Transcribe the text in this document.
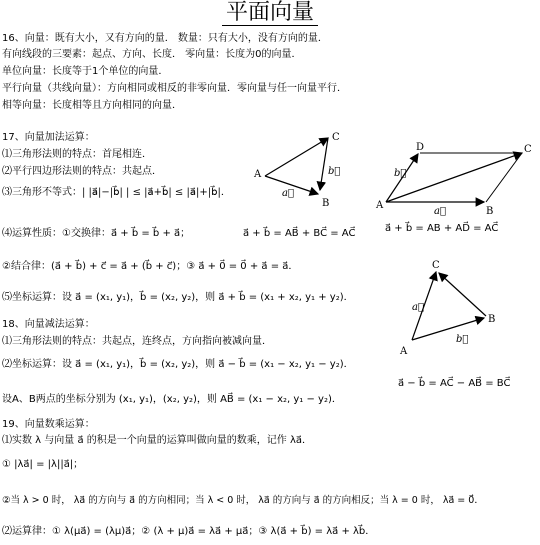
平面向量
16、向量：既有大小，又有方向的量． 数量：只有大小，没有方向的量．
有向线段的三要素：起点、方向、长度． 零向量：长度为0的向量．
单位向量：长度等于1个单位的向量．
平行向量（共线向量）：方向相同或相反的非零向量．零向量与任一向量平行．
相等向量：长度相等且方向相同的向量．
17、向量加法运算：
⑴三角形法则的特点：首尾相连．
⑵平行四边形法则的特点：共起点．
⑶三角形不等式：| |a⃗|−|b⃗| | ≤ |a⃗+b⃗| ≤ |a⃗|+|b⃗|．
⑷运算性质：①交换律：a⃗ + b⃗ = b⃗ + a⃗；	a⃗ + b⃗ = AB⃗ + BC⃗ = AC⃗	a⃗ + b⃗ = AB + AD⃗ = AC⃗
②结合律：(a⃗ + b⃗) + c⃗ = a⃗ + (b⃗ + c⃗)；③ a⃗ + 0⃗ = 0⃗ + a⃗ = a⃗．
⑸坐标运算：设 a⃗ = (x₁, y₁)，b⃗ = (x₂, y₂)，则 a⃗ + b⃗ = (x₁ + x₂, y₁ + y₂)．
18、向量减法运算：
⑴三角形法则的特点：共起点，连终点，方向指向被减向量．
⑵坐标运算：设 a⃗ = (x₁, y₁)，b⃗ = (x₂, y₂)，则 a⃗ − b⃗ = (x₁ − x₂, y₁ − y₂)．
设Α、Β两点的坐标分别为 (x₁, y₁)，(x₂, y₂)，则 AB⃗ = (x₁ − x₂, y₁ − y₂)．
a⃗ − b⃗ = AC⃗ − AB⃗ = BC⃗
19、向量数乘运算：
⑴实数 λ 与向量 a⃗ 的积是一个向量的运算叫做向量的数乘，记作 λa⃗．
① |λa⃗| = |λ||a⃗|；
②当 λ > 0 时， λa⃗ 的方向与 a⃗ 的方向相同；当 λ < 0 时， λa⃗ 的方向与 a⃗ 的方向相反；当 λ = 0 时， λa⃗ = 0⃗．
⑵运算律：① λ(μa⃗) = (λμ)a⃗；② (λ + μ)a⃗ = λa⃗ + μa⃗；③ λ(a⃗ + b⃗) = λa⃗ + λb⃗．
A
B
C
a⃗
b⃗
A
B
C
D
b⃗
a⃗
A
B
C
a⃗
b⃗
